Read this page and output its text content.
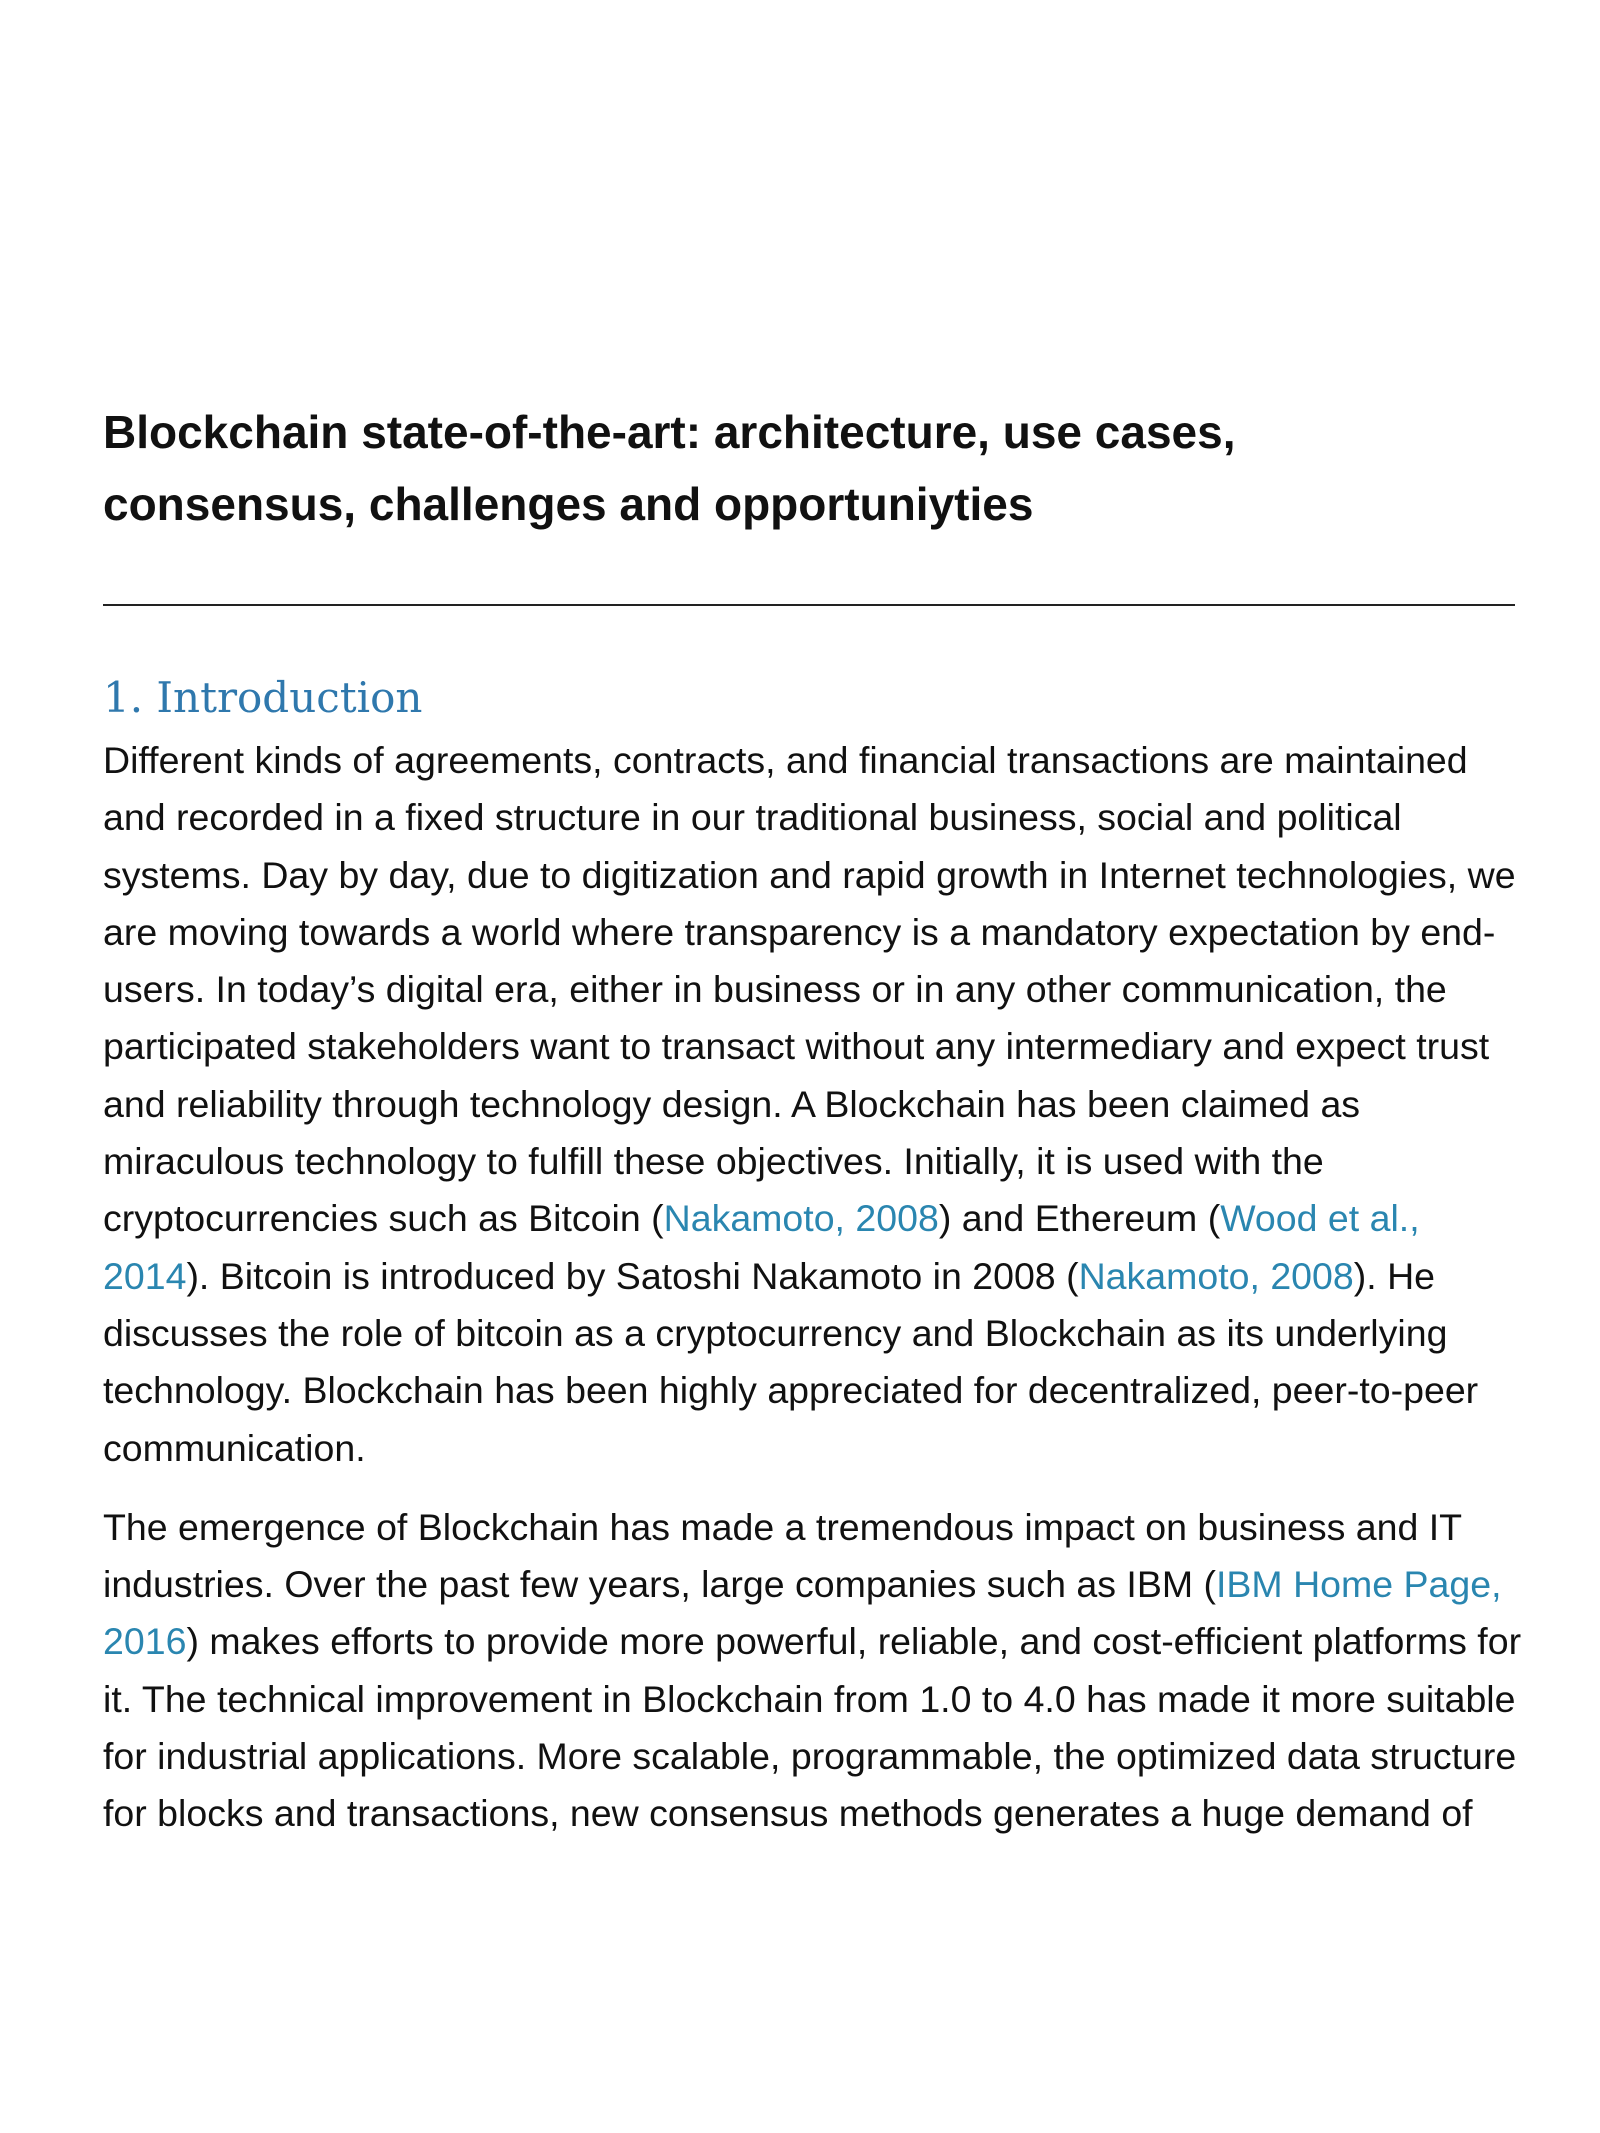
Blockchain state-of-the-art: architecture, use cases,
consensus, challenges and opportuniyties
1. Introduction

Different kinds of agreements, contracts, and financial transactions are maintained and recorded in a fixed structure in our traditional business, social and political systems. Day by day, due to digitization and rapid growth in Internet technologies, we are moving towards a world where transparency is a mandatory expectation by end-users. In today’s digital era, either in business or in any other communication, the participated stakeholders want to transact without any intermediary and expect trust and reliability through technology design. A Blockchain has been claimed as miraculous technology to fulfill these objectives. Initially, it is used with the cryptocurrencies such as Bitcoin (Nakamoto, 2008) and Ethereum (Wood et al., 2014). Bitcoin is introduced by Satoshi Nakamoto in 2008 (Nakamoto, 2008). He discusses the role of bitcoin as a cryptocurrency and Blockchain as its underlying technology. Blockchain has been highly appreciated for decentralized, peer-to-peer communication.

The emergence of Blockchain has made a tremendous impact on business and IT industries. Over the past few years, large companies such as IBM (IBM Home Page, 2016) makes efforts to provide more powerful, reliable, and cost-efficient platforms for it. The technical improvement in Blockchain from 1.0 to 4.0 has made it more suitable for industrial applications. More scalable, programmable, the optimized data structure for blocks and transactions, new consensus methods generates a huge demand of
